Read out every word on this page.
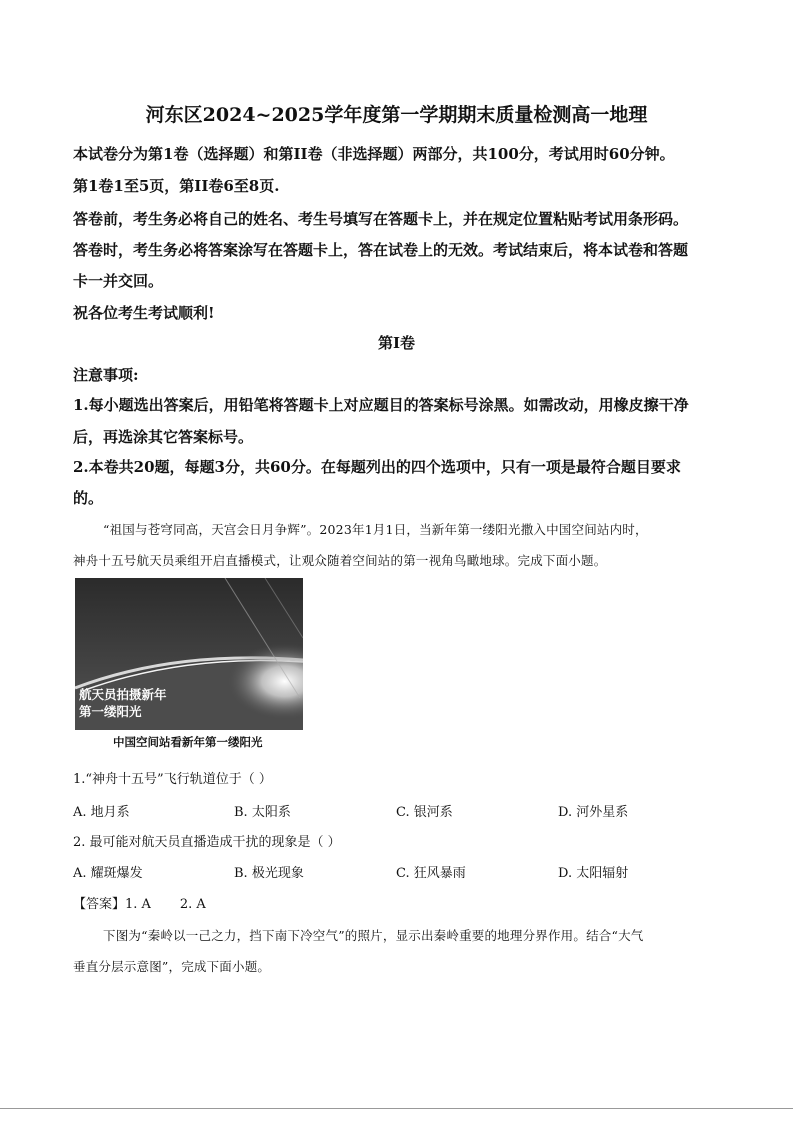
河东区2024~2025学年度第一学期期末质量检测高一地理
本试卷分为第1卷（选择题）和第II卷（非选择题）两部分，共100分，考试用时60分钟。
第1卷1至5页，第II卷6至8页.
答卷前，考生务必将自己的姓名、考生号填写在答题卡上，并在规定位置粘贴考试用条形码。
答卷时，考生务必将答案涂写在答题卡上，答在试卷上的无效。考试结束后，将本试卷和答题
卡一并交回。
祝各位考生考试顺利!
第I卷
注意事项:
1.每小题选出答案后，用铅笔将答题卡上对应题目的答案标号涂黑。如需改动，用橡皮擦干净
后，再选涂其它答案标号。
2.本卷共20题，每题3分，共60分。在每题列出的四个选项中，只有一项是最符合题目要求
的。
“祖国与苍穹同高，天宫会日月争辉”。2023年1月1日，当新年第一缕阳光撒入中国空间站内时，
神舟十五号航天员乘组开启直播模式，让观众随着空间站的第一视角鸟瞰地球。完成下面小题。
航天员拍摄新年
第一缕阳光
中国空间站看新年第一缕阳光
1.“神舟十五号”飞行轨道位于（ ）
A. 地月系	B. 太阳系	C. 银河系	D. 河外星系
2. 最可能对航天员直播造成干扰的现象是（ ）
A. 耀斑爆发	B. 极光现象	C. 狂风暴雨	D. 太阳辐射
【答案】1. A       2. A
下图为“秦岭以一己之力，挡下南下冷空气”的照片，显示出秦岭重要的地理分界作用。结合“大气
垂直分层示意图”，完成下面小题。
